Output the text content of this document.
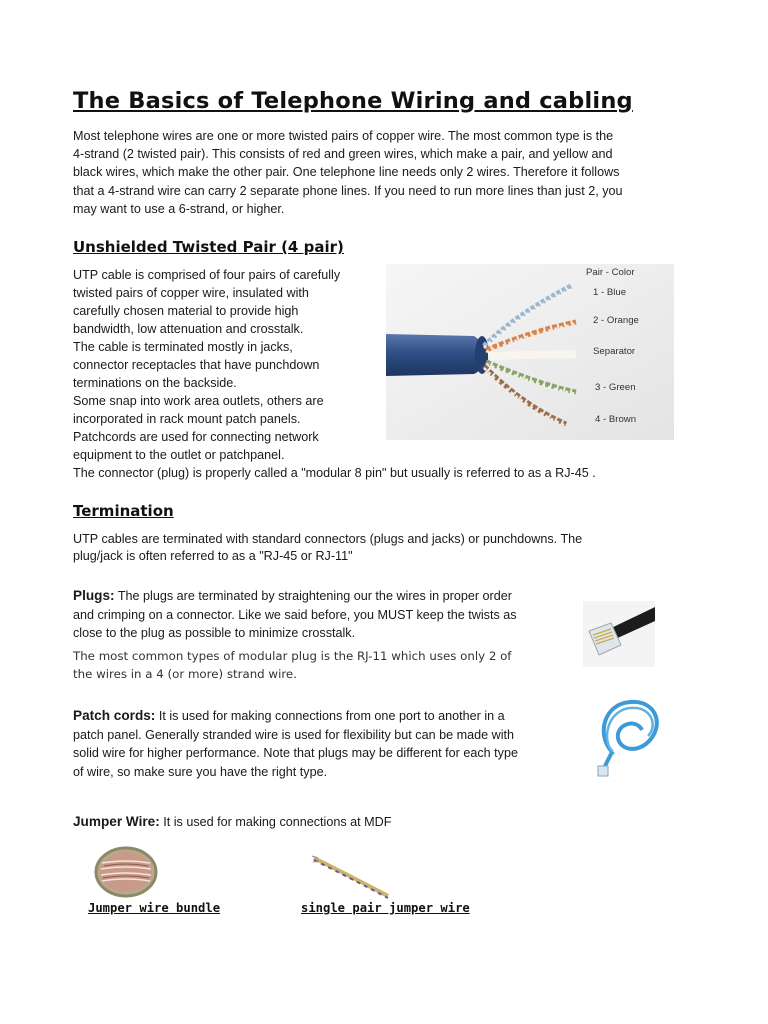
The Basics of Telephone Wiring and cabling
Most telephone wires are one or more twisted pairs of copper wire. The most common type is the
4-strand (2 twisted pair). This consists of red and green wires, which make a pair, and yellow and
black wires, which make the other pair. One telephone line needs only 2 wires. Therefore it follows
that a 4-strand wire can carry 2 separate phone lines. If you need to run more lines than just 2, you
may want to use a 6-strand, or higher.
Unshielded Twisted Pair (4 pair)
UTP cable is comprised of four pairs of carefully
twisted pairs of copper wire, insulated with
carefully chosen material to provide high
bandwidth, low attenuation and crosstalk.
The cable is terminated mostly in jacks,
connector receptacles that have punchdown
terminations on the backside.
Some snap into work area outlets, others are
incorporated in rack mount patch panels.
Patchcords are used for connecting network
equipment to the outlet or patchpanel.
The connector (plug) is properly called a "modular 8 pin" but usually is referred to as a RJ-45 .
Pair - Color
1 - Blue
2 - Orange
Separator
3 - Green
4 - Brown
Termination
UTP cables are terminated with standard connectors (plugs and jacks) or punchdowns. The
plug/jack is often referred to as a "RJ-45 or RJ-11"
Plugs: The plugs are terminated by straightening our the wires in proper order
and crimping on a connector. Like we said before, you MUST keep the twists as
close to the plug as possible to minimize crosstalk.
The most common types of modular plug is the RJ-11 which uses only 2 of
the wires in a 4 (or more) strand wire.
Patch cords: It is used for making connections from one port to another in a
patch panel. Generally stranded wire is used for flexibility but can be made with
solid wire for higher performance. Note that plugs may be different for each type
of wire, so make sure you have the right type.
Jumper Wire: It is used for making connections at MDF
Jumper wire bundle	single pair jumper wire
